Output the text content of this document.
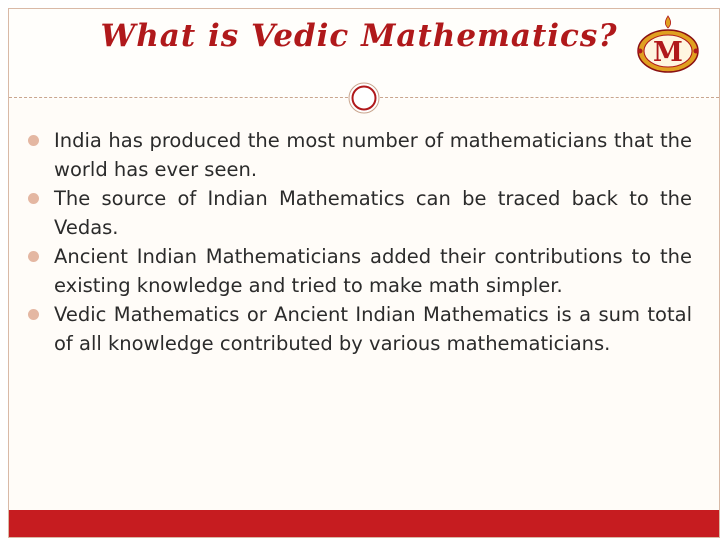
What is Vedic Mathematics?	M
India has produced the most number of mathematicians that the world has ever seen.
The source of Indian Mathematics can be traced back to the Vedas.
Ancient Indian Mathematicians added their contributions to the existing knowledge and tried to make math simpler.
Vedic Mathematics or Ancient Indian Mathematics is a sum total of all knowledge contributed by various mathematicians.
